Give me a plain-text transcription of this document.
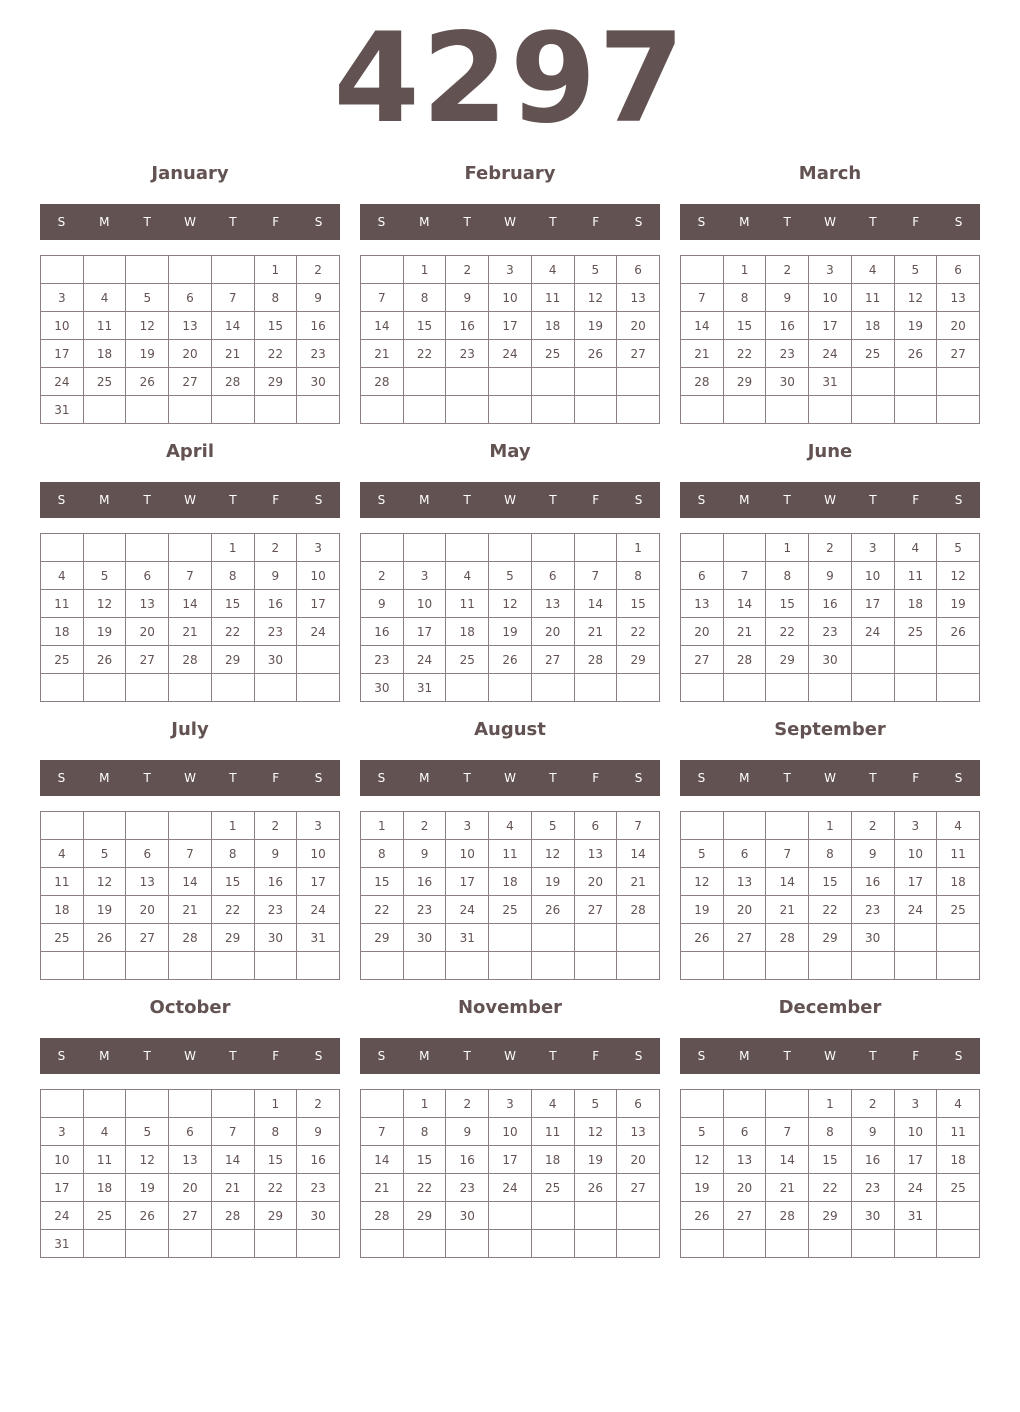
4297
January
S	M	T	W	T	F	S
					1	2
3	4	5	6	7	8	9
10	11	12	13	14	15	16
17	18	19	20	21	22	23
24	25	26	27	28	29	30
31						
February
S	M	T	W	T	F	S
	1	2	3	4	5	6
7	8	9	10	11	12	13
14	15	16	17	18	19	20
21	22	23	24	25	26	27
28						

March
S	M	T	W	T	F	S
	1	2	3	4	5	6
7	8	9	10	11	12	13
14	15	16	17	18	19	20
21	22	23	24	25	26	27
28	29	30	31			

April
S	M	T	W	T	F	S
				1	2	3
4	5	6	7	8	9	10
11	12	13	14	15	16	17
18	19	20	21	22	23	24
25	26	27	28	29	30	

May
S	M	T	W	T	F	S
						1
2	3	4	5	6	7	8
9	10	11	12	13	14	15
16	17	18	19	20	21	22
23	24	25	26	27	28	29
30	31					
June
S	M	T	W	T	F	S
		1	2	3	4	5
6	7	8	9	10	11	12
13	14	15	16	17	18	19
20	21	22	23	24	25	26
27	28	29	30			

July
S	M	T	W	T	F	S
				1	2	3
4	5	6	7	8	9	10
11	12	13	14	15	16	17
18	19	20	21	22	23	24
25	26	27	28	29	30	31

August
S	M	T	W	T	F	S
1	2	3	4	5	6	7
8	9	10	11	12	13	14
15	16	17	18	19	20	21
22	23	24	25	26	27	28
29	30	31				

September
S	M	T	W	T	F	S
			1	2	3	4
5	6	7	8	9	10	11
12	13	14	15	16	17	18
19	20	21	22	23	24	25
26	27	28	29	30		

October
S	M	T	W	T	F	S
					1	2
3	4	5	6	7	8	9
10	11	12	13	14	15	16
17	18	19	20	21	22	23
24	25	26	27	28	29	30
31						
November
S	M	T	W	T	F	S
	1	2	3	4	5	6
7	8	9	10	11	12	13
14	15	16	17	18	19	20
21	22	23	24	25	26	27
28	29	30				

December
S	M	T	W	T	F	S
			1	2	3	4
5	6	7	8	9	10	11
12	13	14	15	16	17	18
19	20	21	22	23	24	25
26	27	28	29	30	31	
